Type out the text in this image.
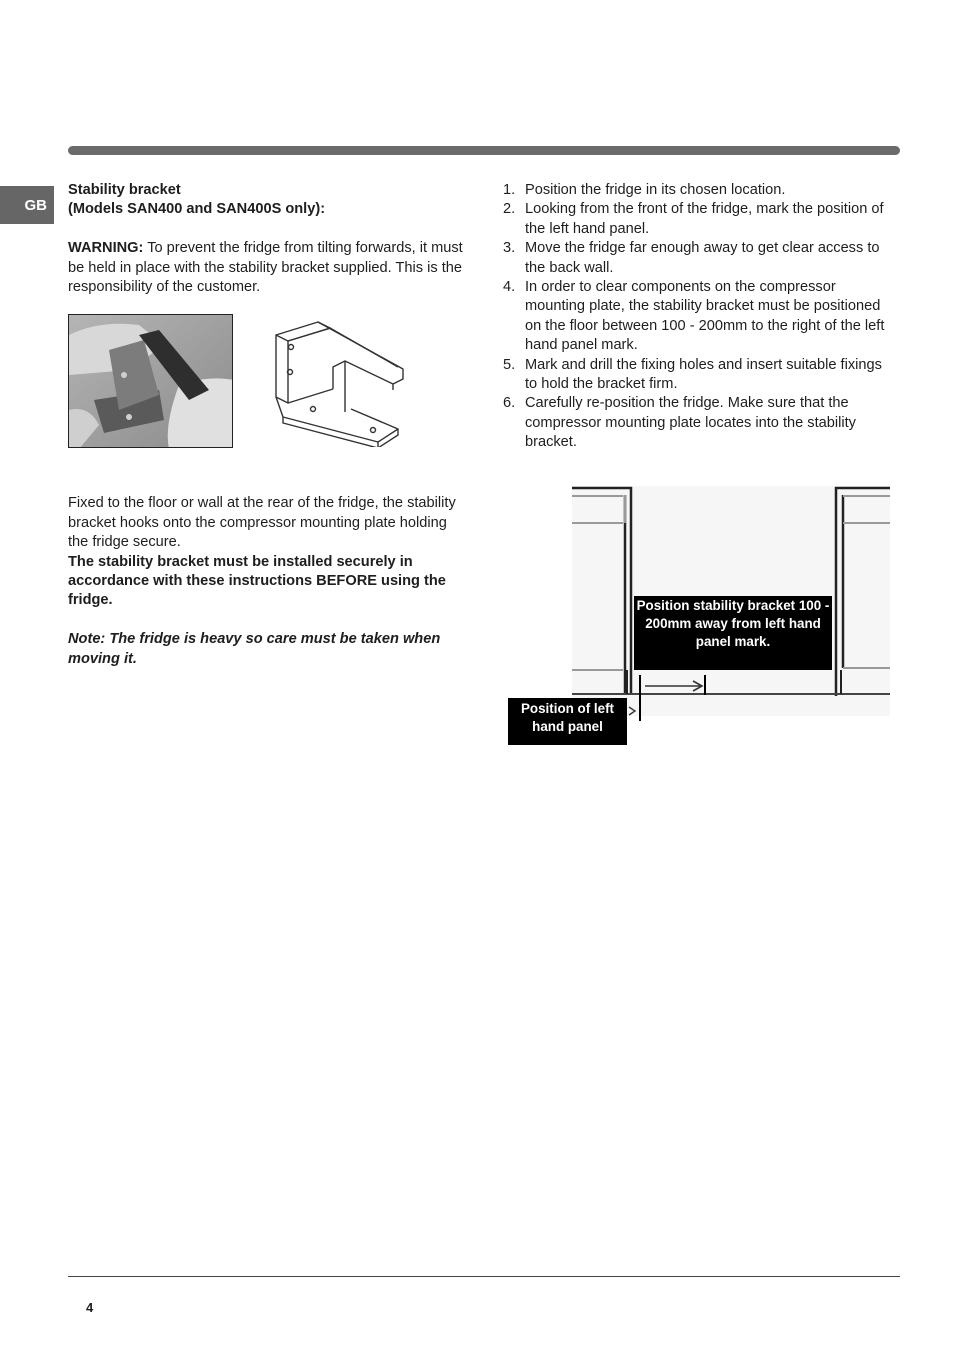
GB

Stability bracket

(Models SAN400 and SAN400S only):

WARNING: To prevent the fridge from tilting forwards, it must be held in place with the stability bracket supplied. This is the responsibility of the customer.

Fixed to the floor or wall at the rear of the fridge, the stability bracket hooks onto the compressor mounting plate holding the fridge secure.

The stability bracket must be installed securely in accordance with these instructions BEFORE using the fridge.

Note: The fridge is heavy so care must be taken when moving it.

1. Position the fridge in its chosen location.
2. Looking from the front of the fridge, mark the position of the left hand panel.
3. Move the fridge far enough away to get clear access to the back wall.
4. In order to clear components on the compressor mounting plate, the stability bracket must be positioned on the floor between 100 - 200mm to the right of the left hand panel mark.
5. Mark and drill the fixing holes and insert suitable fixings to hold the bracket firm.
6. Carefully re-position the fridge. Make sure that the compressor mounting plate locates into the stability bracket.
Position stability bracket 100 - 200mm away from left hand panel mark.
Position of left hand panel
4
